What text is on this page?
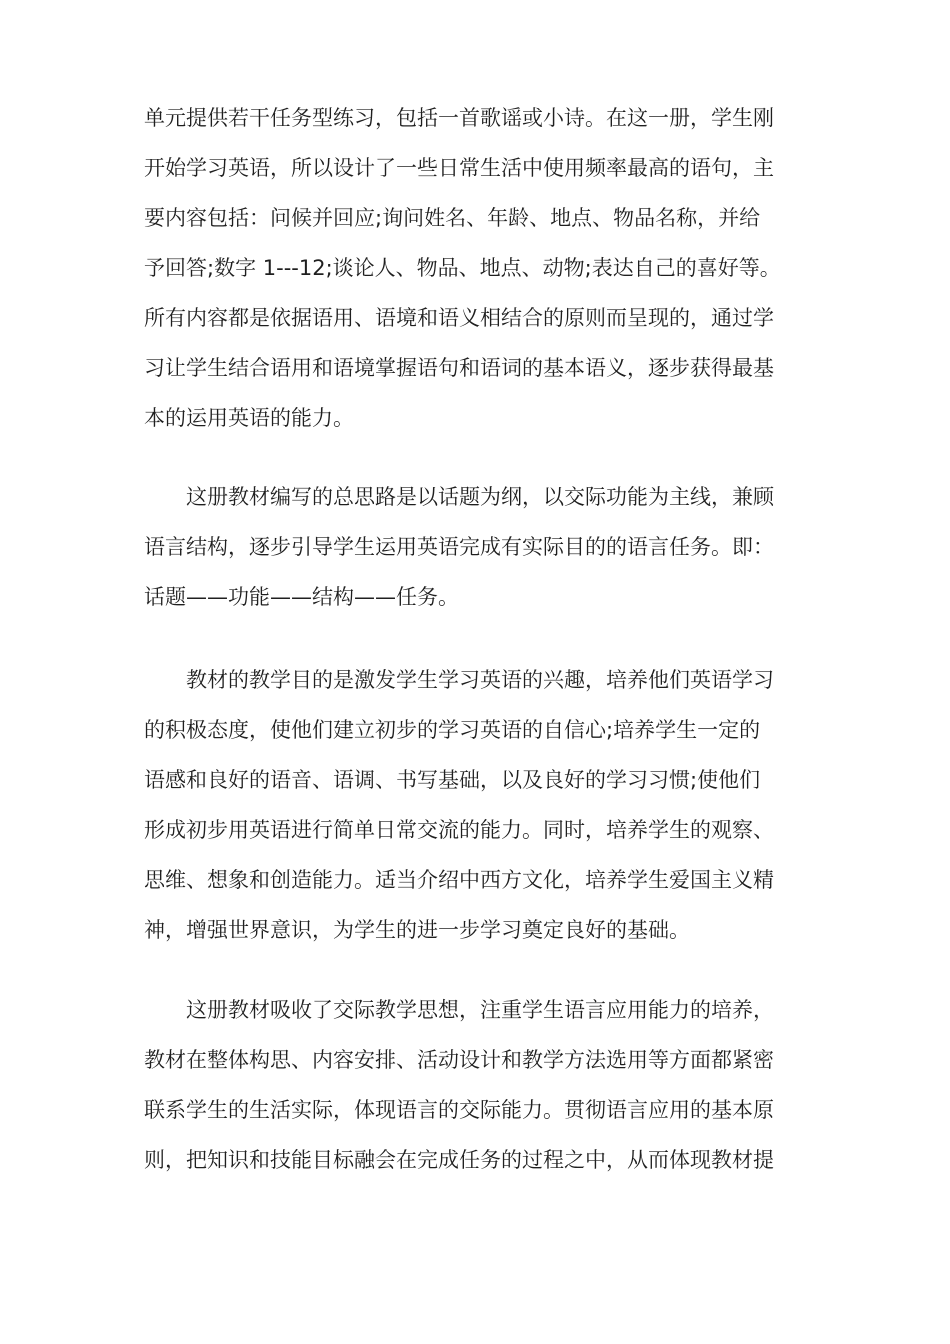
单元提供若干任务型练习，包括一首歌谣或小诗。在这一册，学生刚
开始学习英语，所以设计了一些日常生活中使用频率最高的语句，主
要内容包括：问候并回应;询问姓名、年龄、地点、物品名称，并给
予回答;数字 1---12;谈论人、物品、地点、动物;表达自己的喜好等。
所有内容都是依据语用、语境和语义相结合的原则而呈现的，通过学
习让学生结合语用和语境掌握语句和语词的基本语义，逐步获得最基
本的运用英语的能力。
　　这册教材编写的总思路是以话题为纲，以交际功能为主线，兼顾
语言结构，逐步引导学生运用英语完成有实际目的的语言任务。即：
话题——功能——结构——任务。
　　教材的教学目的是激发学生学习英语的兴趣，培养他们英语学习
的积极态度，使他们建立初步的学习英语的自信心;培养学生一定的
语感和良好的语音、语调、书写基础，以及良好的学习习惯;使他们
形成初步用英语进行简单日常交流的能力。同时，培养学生的观察、
思维、想象和创造能力。适当介绍中西方文化，培养学生爱国主义精
神，增强世界意识，为学生的进一步学习奠定良好的基础。
　　这册教材吸收了交际教学思想，注重学生语言应用能力的培养，
教材在整体构思、内容安排、活动设计和教学方法选用等方面都紧密
联系学生的生活实际，体现语言的交际能力。贯彻语言应用的基本原
则，把知识和技能目标融会在完成任务的过程之中，从而体现教材提
